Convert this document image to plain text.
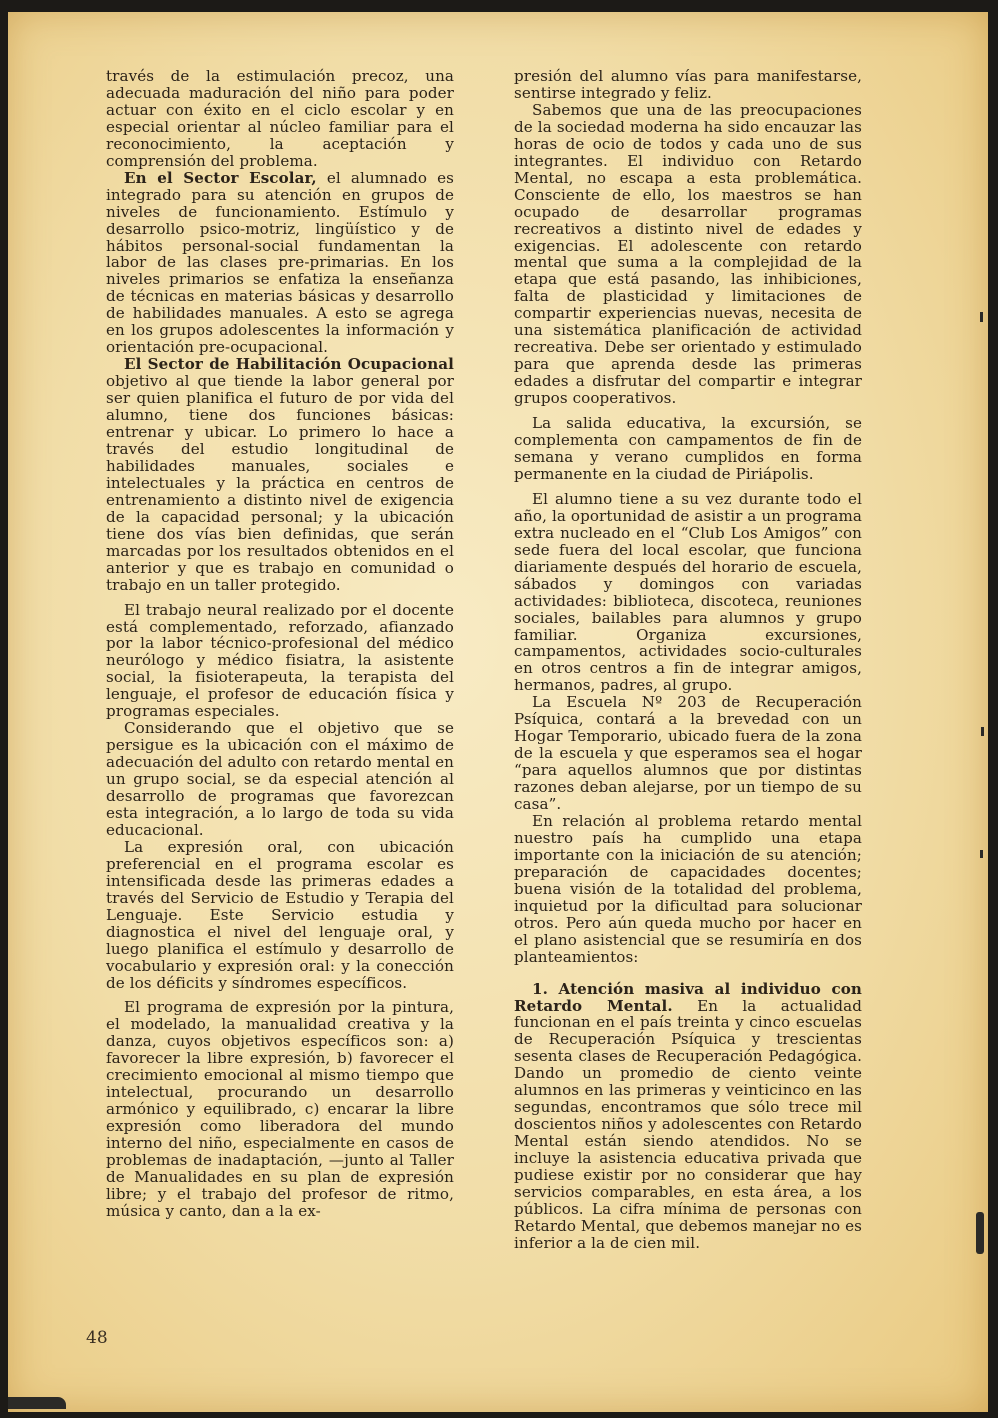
través de la estimulación precoz, una adecuada maduración del niño para poder actuar con éxito en el ciclo escolar y en especial orientar al núcleo familiar para el reconocimiento, la aceptación y comprensión del problema.

En el Sector Escolar, el alumnado es integrado para su atención en grupos de niveles de funcionamiento. Estímulo y desarrollo psico-motriz, lingüístico y de hábitos personal-social fundamentan la labor de las clases pre-primarias. En los niveles primarios se enfatiza la enseñanza de técnicas en materias básicas y desarrollo de habilidades manuales. A esto se agrega en los grupos adolescentes la información y orientación pre-ocupacional.

El Sector de Habilitación Ocupacional objetivo al que tiende la labor general por ser quien planifica el futuro de por vida del alumno, tiene dos funciones básicas: entrenar y ubicar. Lo primero lo hace a través del estudio longitudinal de habilidades manuales, sociales e intelectuales y la práctica en centros de entrenamiento a distinto nivel de exigencia de la capacidad personal; y la ubicación tiene dos vías bien definidas, que serán marcadas por los resultados obtenidos en el anterior y que es trabajo en comunidad o trabajo en un taller protegido.

El trabajo neural realizado por el docente está complementado, reforzado, afianzado por la labor técnico-profesional del médico neurólogo y médico fisiatra, la asistente social, la fisioterapeuta, la terapista del lenguaje, el profesor de educación física y programas especiales.

Considerando que el objetivo que se persigue es la ubicación con el máximo de adecuación del adulto con retardo mental en un grupo social, se da especial atención al desarrollo de programas que favorezcan esta integración, a lo largo de toda su vida educacional.

La expresión oral, con ubicación preferencial en el programa escolar es intensificada desde las primeras edades a través del Servicio de Estudio y Terapia del Lenguaje. Este Servicio estudia y diagnostica el nivel del lenguaje oral, y luego planifica el estímulo y desarrollo de vocabulario y expresión oral: y la conección de los déficits y síndromes específicos.

El programa de expresión por la pintura, el modelado, la manualidad creativa y la danza, cuyos objetivos específicos son: a) favorecer la libre expresión, b) favorecer el crecimiento emocional al mismo tiempo que intelectual, procurando un desarrollo armónico y equilibrado, c) encarar la libre expresión como liberadora del mundo interno del niño, especialmente en casos de problemas de inadaptación, —junto al Taller de Manualidades en su plan de expresión libre; y el trabajo del profesor de ritmo, música y canto, dan a la ex-

presión del alumno vías para manifestarse, sentirse integrado y feliz.

Sabemos que una de las preocupaciones de la sociedad moderna ha sido encauzar las horas de ocio de todos y cada uno de sus integrantes. El individuo con Retardo Mental, no escapa a esta problemática. Consciente de ello, los maestros se han ocupado de desarrollar programas recreativos a distinto nivel de edades y exigencias. El adolescente con retardo mental que suma a la complejidad de la etapa que está pasando, las inhibiciones, falta de plasticidad y limitaciones de compartir experiencias nuevas, necesita de una sistemática planificación de actividad recreativa. Debe ser orientado y estimulado para que aprenda desde las primeras edades a disfrutar del compartir e integrar grupos cooperativos.

La salida educativa, la excursión, se complementa con campamentos de fin de semana y verano cumplidos en forma permanente en la ciudad de Piriápolis.

El alumno tiene a su vez durante todo el año, la oportunidad de asistir a un programa extra nucleado en el “Club Los Amigos” con sede fuera del local escolar, que funciona diariamente después del horario de escuela, sábados y domingos con variadas actividades: biblioteca, discoteca, reuniones sociales, bailables para alumnos y grupo familiar. Organiza excursiones, campamentos, actividades socio-culturales en otros centros a fin de integrar amigos, hermanos, padres, al grupo.

La Escuela Nº 203 de Recuperación Psíquica, contará a la brevedad con un Hogar Temporario, ubicado fuera de la zona de la escuela y que esperamos sea el hogar “para aquellos alumnos que por distintas razones deban alejarse, por un tiempo de su casa”.

En relación al problema retardo mental nuestro país ha cumplido una etapa importante con la iniciación de su atención; preparación de capacidades docentes; buena visión de la totalidad del problema, inquietud por la dificultad para solucionar otros. Pero aún queda mucho por hacer en el plano asistencial que se resumiría en dos planteamientos:

1. Atención masiva al individuo con Retardo Mental. En la actualidad funcionan en el país treinta y cinco escuelas de Recuperación Psíquica y trescientas sesenta clases de Recuperación Pedagógica. Dando un promedio de ciento veinte alumnos en las primeras y veinticinco en las segundas, encontramos que sólo trece mil doscientos niños y adolescentes con Retardo Mental están siendo atendidos. No se incluye la asistencia educativa privada que pudiese existir por no considerar que hay servicios comparables, en esta área, a los públicos. La cifra mínima de personas con Retardo Mental, que debemos manejar no es inferior a la de cien mil.

48
